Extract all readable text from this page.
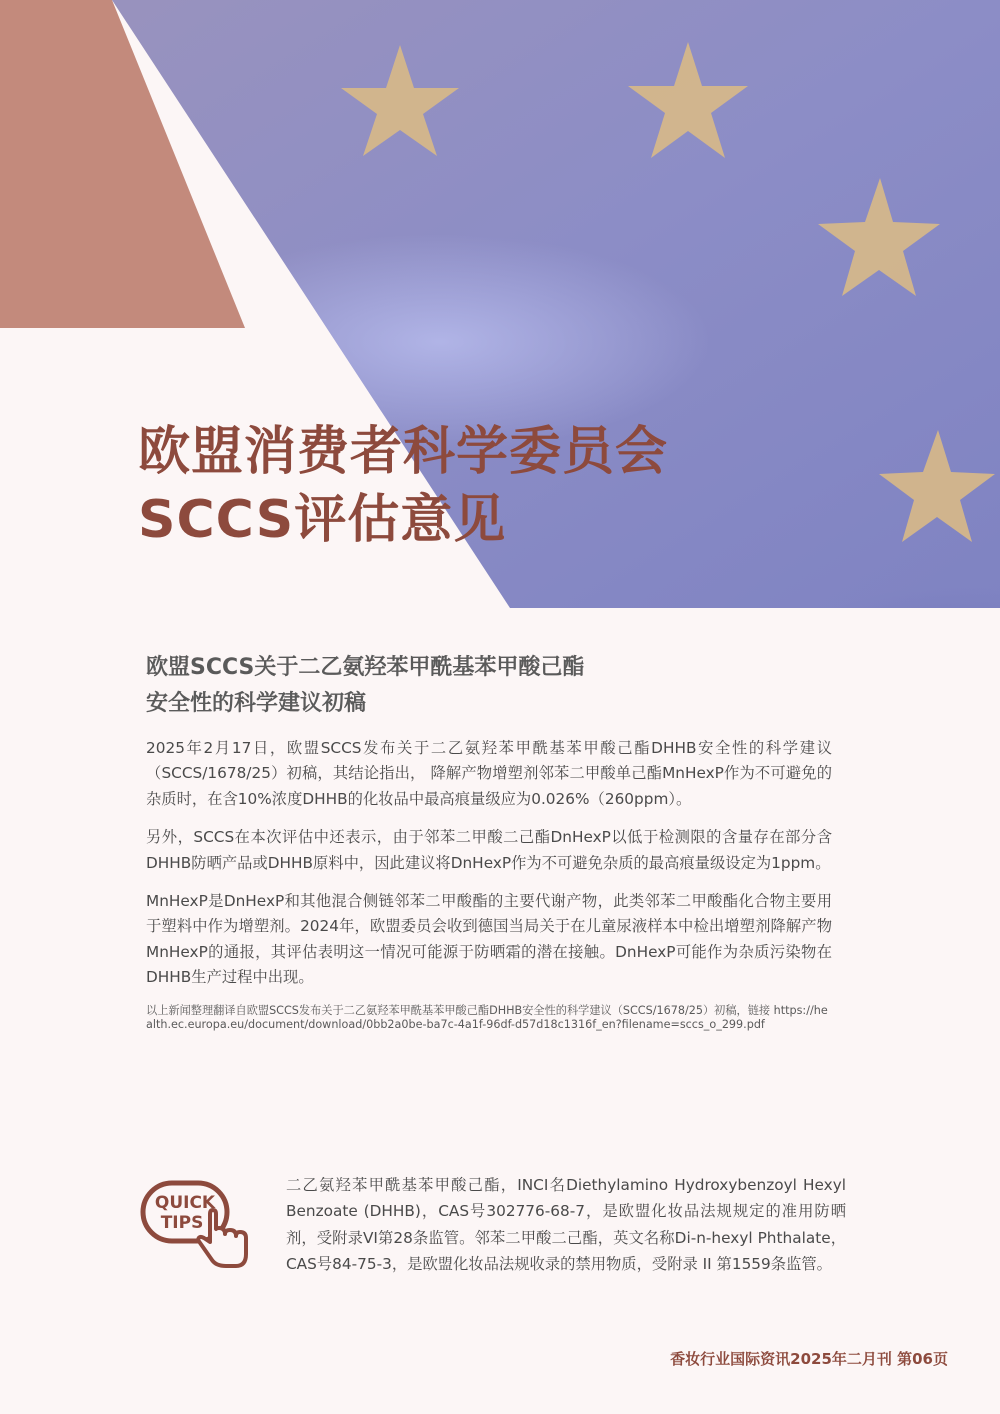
欧盟消费者科学委员会
SCCS评估意见
欧盟SCCS关于二乙氨羟苯甲酰基苯甲酸己酯
安全性的科学建议初稿

2025年2月17日，欧盟SCCS发布关于二乙氨羟苯甲酰基苯甲酸己酯DHHB安全性的科学建议（SCCS/1678/25）初稿，其结论指出， 降解产物增塑剂邻苯二甲酸单己酯MnHexP作为不可避免的杂质时，在含10%浓度DHHB的化妆品中最高痕量级应为0.026%（260ppm）。

另外，SCCS在本次评估中还表示，由于邻苯二甲酸二己酯DnHexP以低于检测限的含量存在部分含DHHB防晒产品或DHHB原料中，因此建议将DnHexP作为不可避免杂质的最高痕量级设定为1ppm。

MnHexP是DnHexP和其他混合侧链邻苯二甲酸酯的主要代谢产物，此类邻苯二甲酸酯化合物主要用于塑料中作为增塑剂。2024年，欧盟委员会收到德国当局关于在儿童尿液样本中检出增塑剂降解产物MnHexP的通报，其评估表明这一情况可能源于防晒霜的潜在接触。DnHexP可能作为杂质污染物在DHHB生产过程中出现。

以上新闻整理翻译自欧盟SCCS发布关于二乙氨羟苯甲酰基苯甲酸己酯DHHB安全性的科学建议（SCCS/1678/25）初稿，链接 https://health.ec.europa.eu/document/download/0bb2a0be-ba7c-4a1f-96df-d57d18c1316f_en?filename=sccs_o_299.pdf

QUICK
TIPS

二乙氨羟苯甲酰基苯甲酸己酯，INCI名Diethylamino Hydroxybenzoyl Hexyl Benzoate (DHHB)，CAS号302776-68-7，是欧盟化妆品法规规定的准用防晒剂，受附录VI第28条监管。邻苯二甲酸二己酯，英文名称Di-n-hexyl Phthalate，CAS号84-75-3，是欧盟化妆品法规收录的禁用物质，受附录 II 第1559条监管。

香妆行业国际资讯2025年二月刊 第06页
